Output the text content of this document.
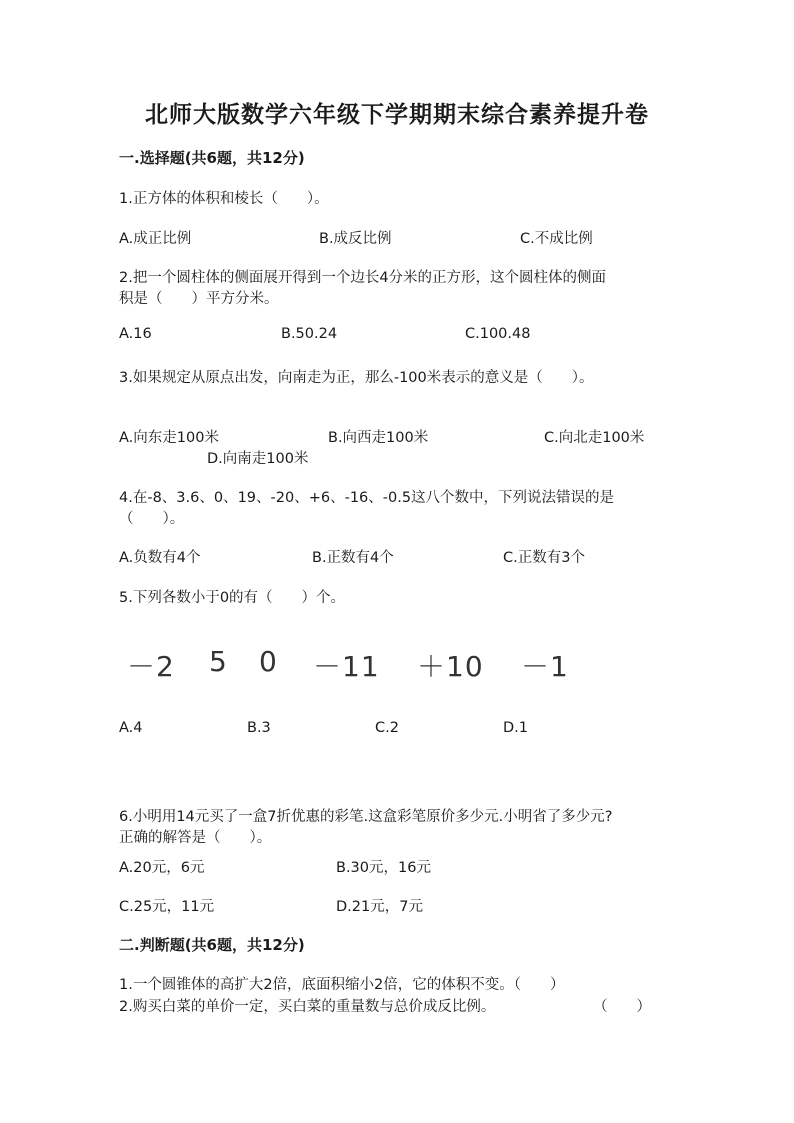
北师大版数学六年级下学期期末综合素养提升卷
一.选择题(共6题，共12分)
1.正方体的体积和棱长（　　）。
A.成正比例	B.成反比例	C.不成比例
2.把一个圆柱体的侧面展开得到一个边长4分米的正方形，这个圆柱体的侧面
积是（　　）平方分米。
A.16	B.50.24	C.100.48
3.如果规定从原点出发，向南走为正，那么-100米表示的意义是（　　）。
A.向东走100米	B.向西走100米	C.向北走100米
D.向南走100米
4.在-8、3.6、0、19、-20、+6、-16、-0.5这八个数中，下列说法错误的是
（　　）。
A.负数有4个	B.正数有4个	C.正数有3个
5.下列各数小于0的有（　　）个。
－2 5 0 －11 ＋10 －1
A.4	B.3	C.2	D.1
6.小明用14元买了一盒7折优惠的彩笔.这盒彩笔原价多少元.小明省了多少元?
正确的解答是（　　）。
A.20元，6元	B.30元，16元
C.25元，11元	D.21元，7元
二.判断题(共6题，共12分)
1.一个圆锥体的高扩大2倍，底面积缩小2倍，它的体积不变。（　　）
2.购买白菜的单价一定，买白菜的重量数与总价成反比例。	（　　）
